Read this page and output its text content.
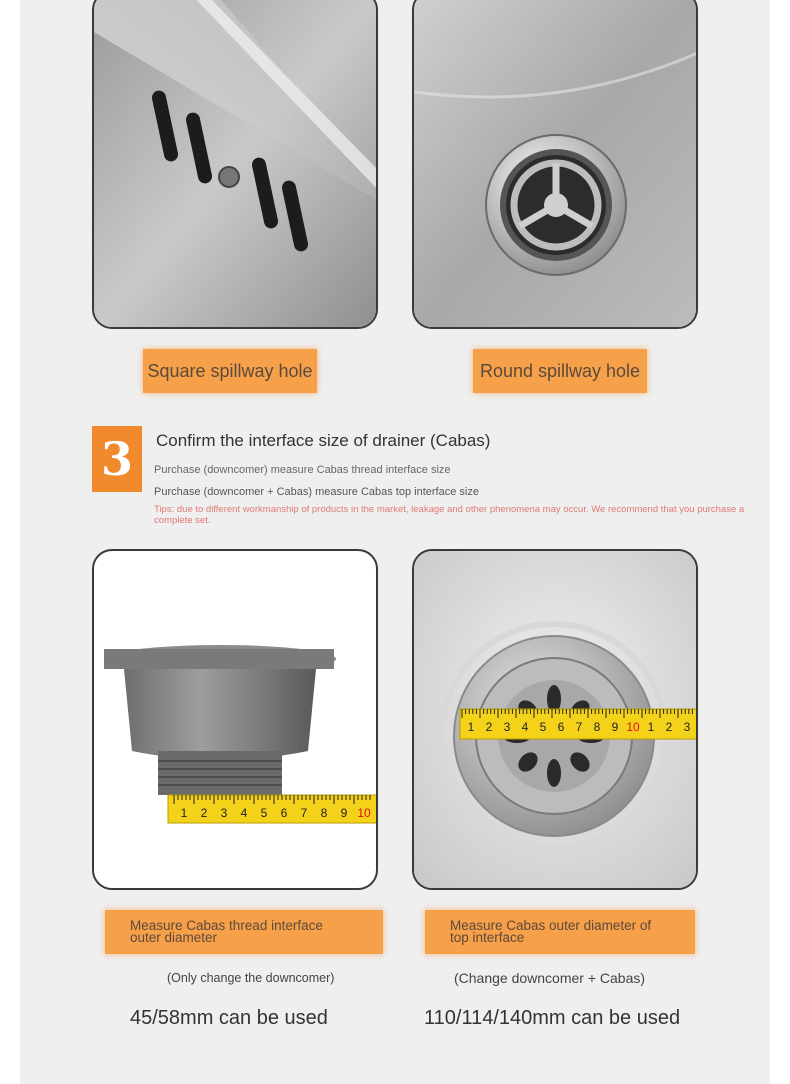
Square spillway hole	Round spillway hole
3	Confirm the interface size of drainer (Cabas)
Purchase (downcomer) measure Cabas thread interface size
Purchase (downcomer + Cabas) measure Cabas top interface size
Tips: due to different workmanship of products in the market, leakage and other phenomena may occur. We recommend that you purchase a complete set.
1 2 3 4 5 6 7 8 9 10
1 2 3 4 5 6 7 8 9 10 1 2 3
Measure Cabas thread interface outer diameter
Measure Cabas outer diameter of top interface
(Only change the downcomer)	(Change downcomer + Cabas)
45/58mm can be used	110/114/140mm can be used
